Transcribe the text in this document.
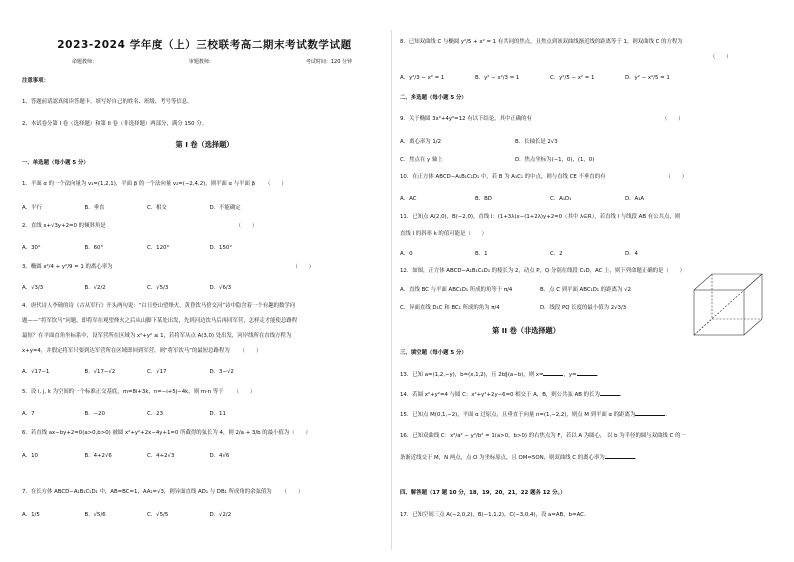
2023-2024 学年度（上）三校联考高二期末考试数学试题
命题教师：	审题教师：	考试时间：120 分钟
注意事项：
1、答题前请認真阅读答题卡，填写好自己的姓名、班级、考号等信息。
2、本试卷分第 I 卷（选择题）和第 II 卷（非选择题）两部分，满分 150 分。
第 I 卷（选择题）
一、单选题（每小题 5 分）
1．平面 α 的一个法向量为 v₁=(1,2,1)，平面 β 的一个法向量 v₂=(−2,4,2)，则平面 α 与平面 β （　　）
A．平行	B．垂直	C．相交	D．不能确定
2．直线 x+√3y+2=0 的倾斜角是	（　　）
A．30°	B．60°	C．120°	D．150°
3．椭圆 x²/4 + y²/9 = 1 的离心率为	（　　）
A．√3/3	B．√2/2	C．√5/3	D．√6/3
4．唐代诗人李颀的诗《古从军行》开头两句说：“白日登山望烽火，黄昏饮马傍交河”诗中隐含着一个有趣的数学问
题——“将军饮马”问题，即将军在观望烽火之后从山脚下某处出发，先到河边饮马后再回军营，怎样走才能使总路程
最短？在平面直角坐标系中，设军营所在区域为 x²+y² ≤ 1，若将军从点 A(3,0) 处出发，河岸线所在直线方程为
x+y=4，并假定将军只要到达军营所在区域即回到军营，则“将军饮马”的最短总路程为 （　　）
A．√17−1	B．√17−√2	C．√17	D．3−√2
5．设 i, j, k 为空间的一个标准正交基底，m=8i+3k，n=−i+5j−4k，则 m·n 等于 （　　）
A．7	B．−20	C．23	D．11
6．若直线 ax−by+2=0(a>0,b>0) 被圆 x²+y²+2x−4y+1=0 所截得的弦长为 4，则 2/a + 3/b 的最小值为（　　）
A．10	B．4+2√6	C．4+2√3	D．4√6
7．在长方体 ABCD−A₁B₁C₁D₁ 中，AB=BC=1，AA₁=√3，则异面直线 AD₁ 与 DB₁ 所成角的余弦值为 （　　）
A．1/5	B．√5/6	C．√5/5	D．√2/2
8．已知双曲线 C 与椭圆 y²/5 + x² = 1 有共同的焦点，且焦点到该双曲线渐近线的距离等于 1，则双曲线 C 的方程为
（　　）
A．y²/3 − x² = 1	B．y² − x²/3 = 1	C．y²/5 − x² = 1	D．y² − x²/5 = 1
二、多选题（每小题 5 分）
9．关于椭圆 3x²+4y²=12 有以下结论，其中正确的有	（　　）
A．离心率为 1/2	B．长轴长是 2√3
C．焦点在 y 轴上	D．焦点坐标为(−1，0)，(1，0)
10．在正方体 ABCD−A₁B₁C₁D₁ 中，若 B 为 A₁C₁ 的中点，则与直线 CE 不垂直的有	（　　）
A．AC	B．BD	C．A₁D₁	D．A₁A
11．已知点 A(2,0)，B(−2,0)，直线 l：(1+3λ)x−(1+2λ)y+2=0（其中 λ∈R），若直线 l 与线段 AB 有公共点，则
直线 l 的斜率 k 的值可能是（　　）
A．0	B．1	C．2	D．4
12．如图，正方体 ABCD−A₁B₁C₁D₁ 的棱长为 2，动点 P，Q 分别在线段 C₁D，AC 上，则下列命题正确的是（　　）
A．直线 BC 与平面 ABC₁D₁ 所成的角等于 π/4	B．点 C 到平面 ABC₁D₁ 的距离为 √2
C．异面直线 D₁C 和 BC₁ 所成的角为 π/4	D．线段 PQ 长度的最小值为 2√3/3
第 II 卷（非选择题）
三、填空题（每小题 5 分）
13．已知 a=(1,2,−y)，b=(x,1,2)，且 2b∥(a−b)，则 x=	，y=	．
14．若圆 x²+y²=4 与圆 C：x²+y²+2y−6=0 相交于 A，B，则公共弦 AB 的长为	．
15．已知点 M(0,1,−2)，平面 α 过原点，且垂直于向量 n=(1,−2,2)，则点 M 到平面 α 的距离为	．
16．已知双曲线 C：x²/a² − y²/b² = 1(a>0，b>0) 的右焦点为 F，若以 A 为圆心， 以 b 为半径的圆与双曲线 C 的一
条渐近线交于 M，N 两点，点 O 为坐标原点，且 OM=5ON，则双曲线 C 的离心率为	．
四、解答题（17 题 10 分，18，19，20，21，22 题各 12 分。）
17．已知空间三点 A(−2,0,2)，B(−1,1,2)，C(−3,0,4)，设 a=AB，b=AC．
